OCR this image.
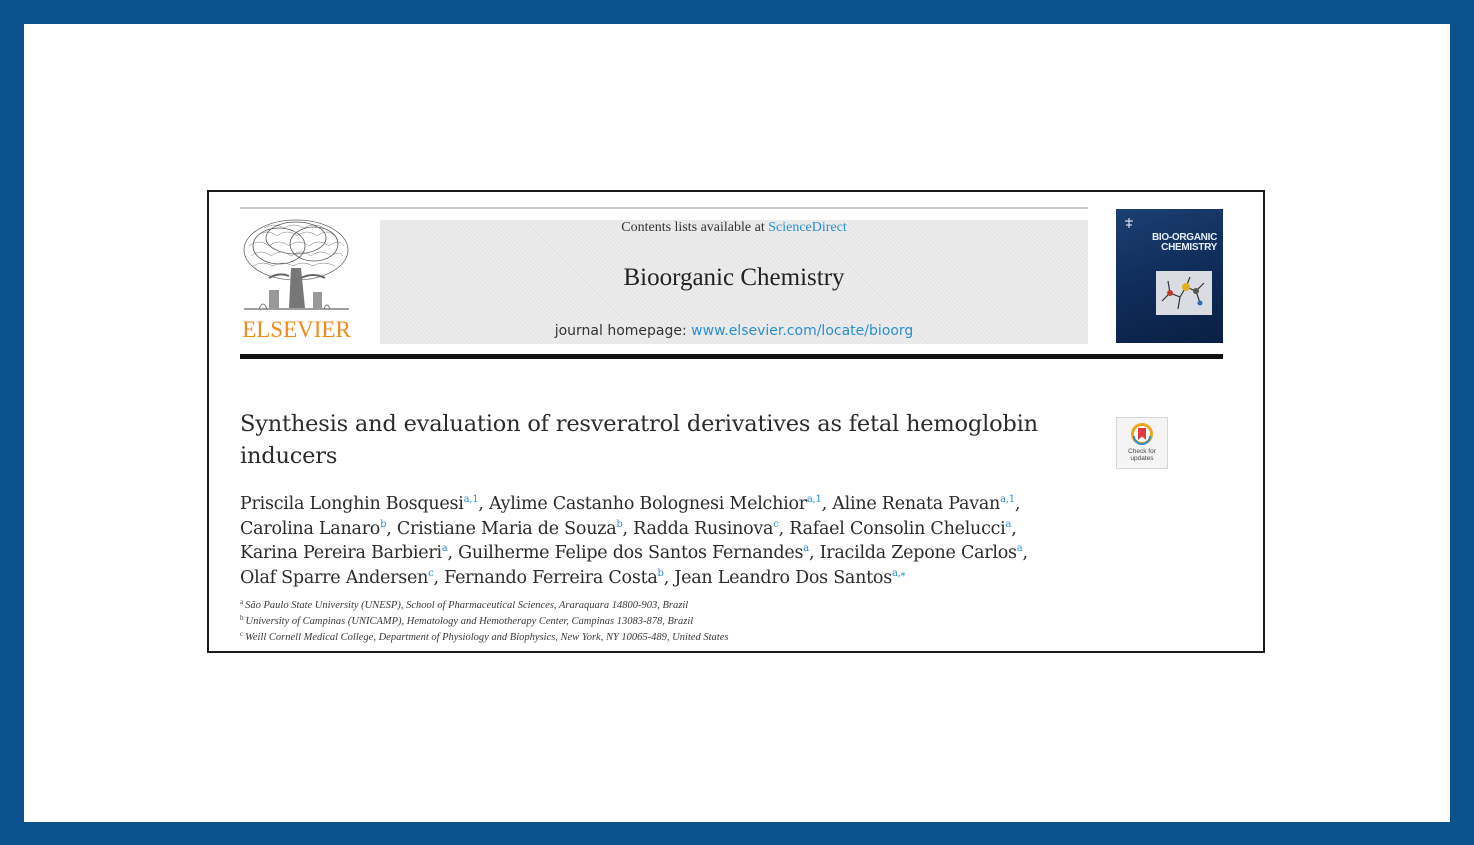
ELSEVIER
Contents lists available at ScienceDirect
Bioorganic Chemistry
journal homepage: www.elsevier.com/locate/bioorg
BIO-ORGANIC
CHEMISTRY
Synthesis and evaluation of resveratrol derivatives as fetal hemoglobin inducers	Check for
updates
Priscila Longhin Bosquesi$^{a,1}$, Aylime Castanho Bolognesi Melchior$^{a,1}$, Aline Renata Pavan$^{a,1}$,
Carolina Lanaro$^b$, Cristiane Maria de Souza$^b$, Radda Rusinova$^c$, Rafael Consolin Chelucci$^a$,
Karina Pereira Barbieri$^a$, Guilherme Felipe dos Santos Fernandes$^a$, Iracilda Zepone Carlos$^a$,
Olaf Sparre Andersen$^c$, Fernando Ferreira Costa$^b$, Jean Leandro Dos Santos$^{a,⁎}$
$^a$ São Paulo State University (UNESP), School of Pharmaceutical Sciences, Araraquara 14800-903, Brazil
$^b$ University of Campinas (UNICAMP), Hematology and Hemotherapy Center, Campinas 13083-878, Brazil
$^c$ Weill Cornell Medical College, Department of Physiology and Biophysics, New York, NY 10065-489, United States
